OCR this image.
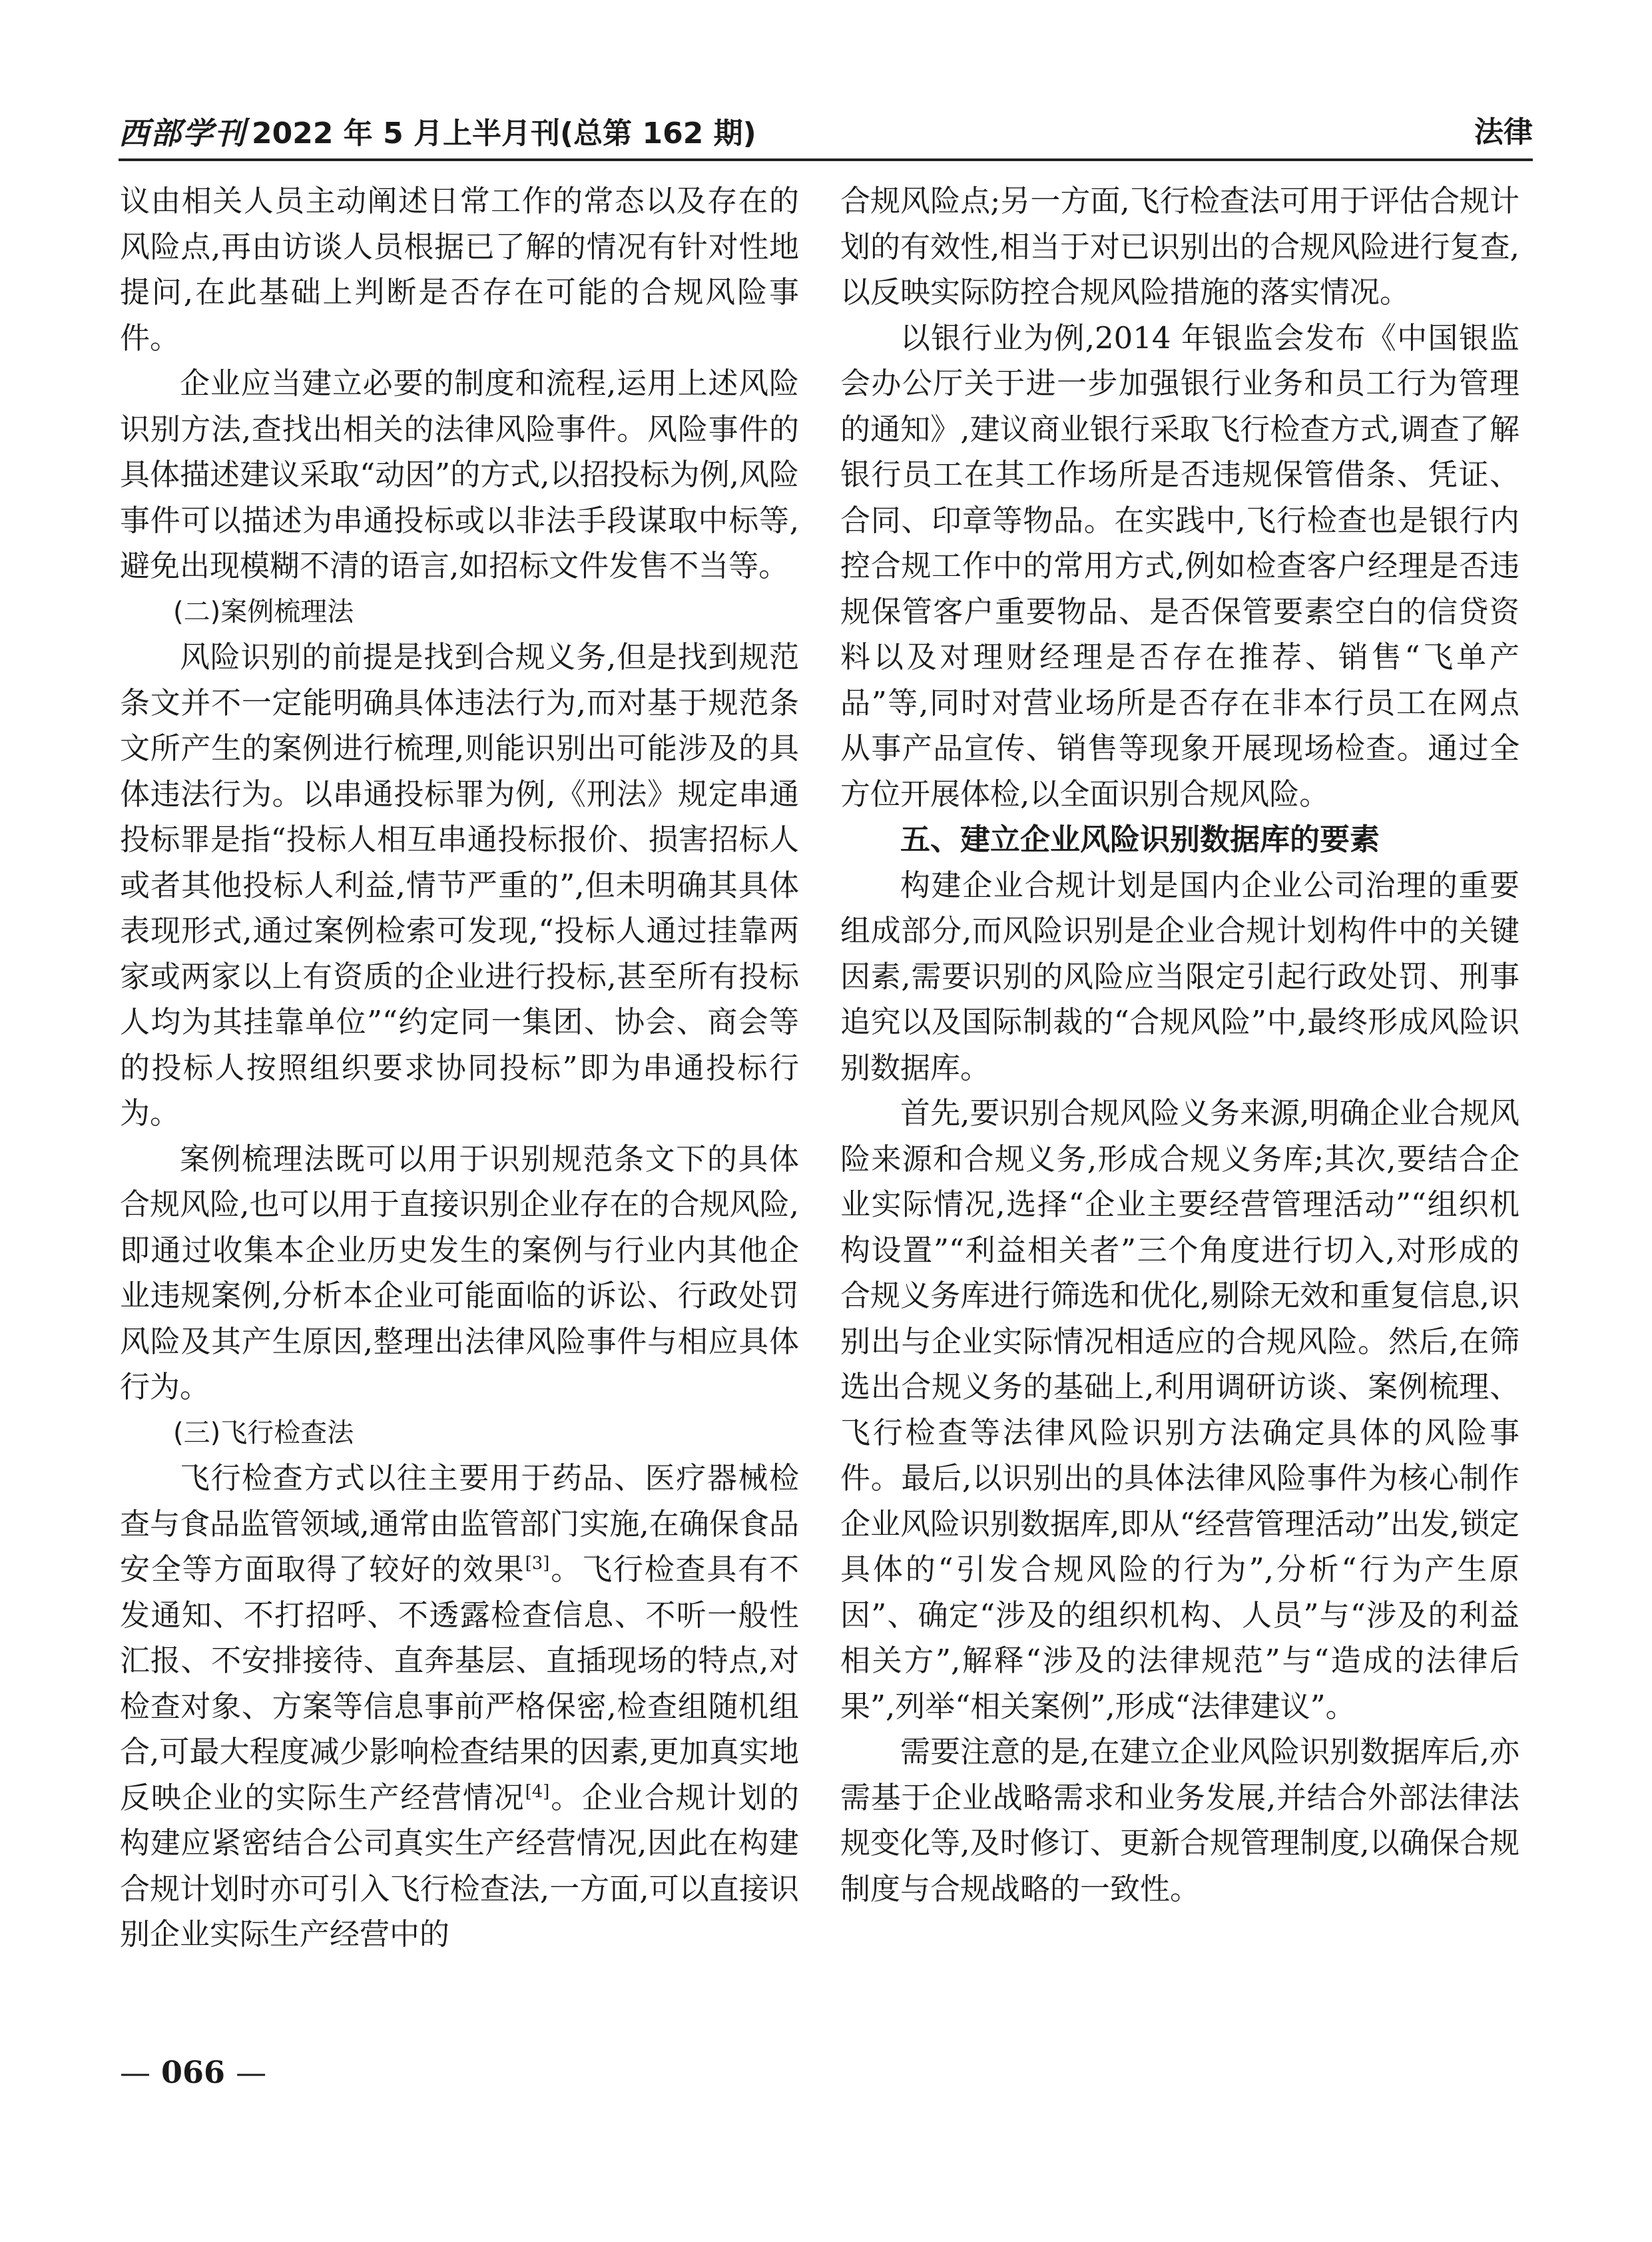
西部学刊 2022 年 5 月上半月刊(总第 162 期)	法律

议由相关人员主动阐述日常工作的常态以及存在的风险点,再由访谈人员根据已了解的情况有针对性地提问,在此基础上判断是否存在可能的合规风险事件。

企业应当建立必要的制度和流程,运用上述风险识别方法,查找出相关的法律风险事件。风险事件的具体描述建议采取“动因”的方式,以招投标为例,风险事件可以描述为串通投标或以非法手段谋取中标等,避免出现模糊不清的语言,如招标文件发售不当等。

(二)案例梳理法

风险识别的前提是找到合规义务,但是找到规范条文并不一定能明确具体违法行为,而对基于规范条文所产生的案例进行梳理,则能识别出可能涉及的具体违法行为。以串通投标罪为例,《刑法》规定串通投标罪是指“投标人相互串通投标报价、损害招标人或者其他投标人利益,情节严重的”,但未明确其具体表现形式,通过案例检索可发现,“投标人通过挂靠两家或两家以上有资质的企业进行投标,甚至所有投标人均为其挂靠单位”“约定同一集团、协会、商会等的投标人按照组织要求协同投标”即为串通投标行为。

案例梳理法既可以用于识别规范条文下的具体合规风险,也可以用于直接识别企业存在的合规风险,即通过收集本企业历史发生的案例与行业内其他企业违规案例,分析本企业可能面临的诉讼、行政处罚风险及其产生原因,整理出法律风险事件与相应具体行为。

(三)飞行检查法

飞行检查方式以往主要用于药品、医疗器械检查与食品监管领域,通常由监管部门实施,在确保食品安全等方面取得了较好的效果[3]。飞行检查具有不发通知、不打招呼、不透露检查信息、不听一般性汇报、不安排接待、直奔基层、直插现场的特点,对检查对象、方案等信息事前严格保密,检查组随机组合,可最大程度减少影响检查结果的因素,更加真实地反映企业的实际生产经营情况[4]。企业合规计划的构建应紧密结合公司真实生产经营情况,因此在构建合规计划时亦可引入飞行检查法,一方面,可以直接识别企业实际生产经营中的

合规风险点;另一方面,飞行检查法可用于评估合规计划的有效性,相当于对已识别出的合规风险进行复查,以反映实际防控合规风险措施的落实情况。

以银行业为例,2014 年银监会发布《中国银监会办公厅关于进一步加强银行业务和员工行为管理的通知》,建议商业银行采取飞行检查方式,调查了解银行员工在其工作场所是否违规保管借条、凭证、合同、印章等物品。在实践中,飞行检查也是银行内控合规工作中的常用方式,例如检查客户经理是否违规保管客户重要物品、是否保管要素空白的信贷资料以及对理财经理是否存在推荐、销售“飞单产品”等,同时对营业场所是否存在非本行员工在网点从事产品宣传、销售等现象开展现场检查。通过全方位开展体检,以全面识别合规风险。

五、建立企业风险识别数据库的要素

构建企业合规计划是国内企业公司治理的重要组成部分,而风险识别是企业合规计划构件中的关键因素,需要识别的风险应当限定引起行政处罚、刑事追究以及国际制裁的“合规风险”中,最终形成风险识别数据库。

首先,要识别合规风险义务来源,明确企业合规风险来源和合规义务,形成合规义务库;其次,要结合企业实际情况,选择“企业主要经营管理活动”“组织机构设置”“利益相关者”三个角度进行切入,对形成的合规义务库进行筛选和优化,剔除无效和重复信息,识别出与企业实际情况相适应的合规风险。然后,在筛选出合规义务的基础上,利用调研访谈、案例梳理、飞行检查等法律风险识别方法确定具体的风险事件。最后,以识别出的具体法律风险事件为核心制作企业风险识别数据库,即从“经营管理活动”出发,锁定具体的“引发合规风险的行为”,分析“行为产生原因”、确定“涉及的组织机构、人员”与“涉及的利益相关方”,解释“涉及的法律规范”与“造成的法律后果”,列举“相关案例”,形成“法律建议”。

需要注意的是,在建立企业风险识别数据库后,亦需基于企业战略需求和业务发展,并结合外部法律法规变化等,及时修订、更新合规管理制度,以确保合规制度与合规战略的一致性。

— 066 —
